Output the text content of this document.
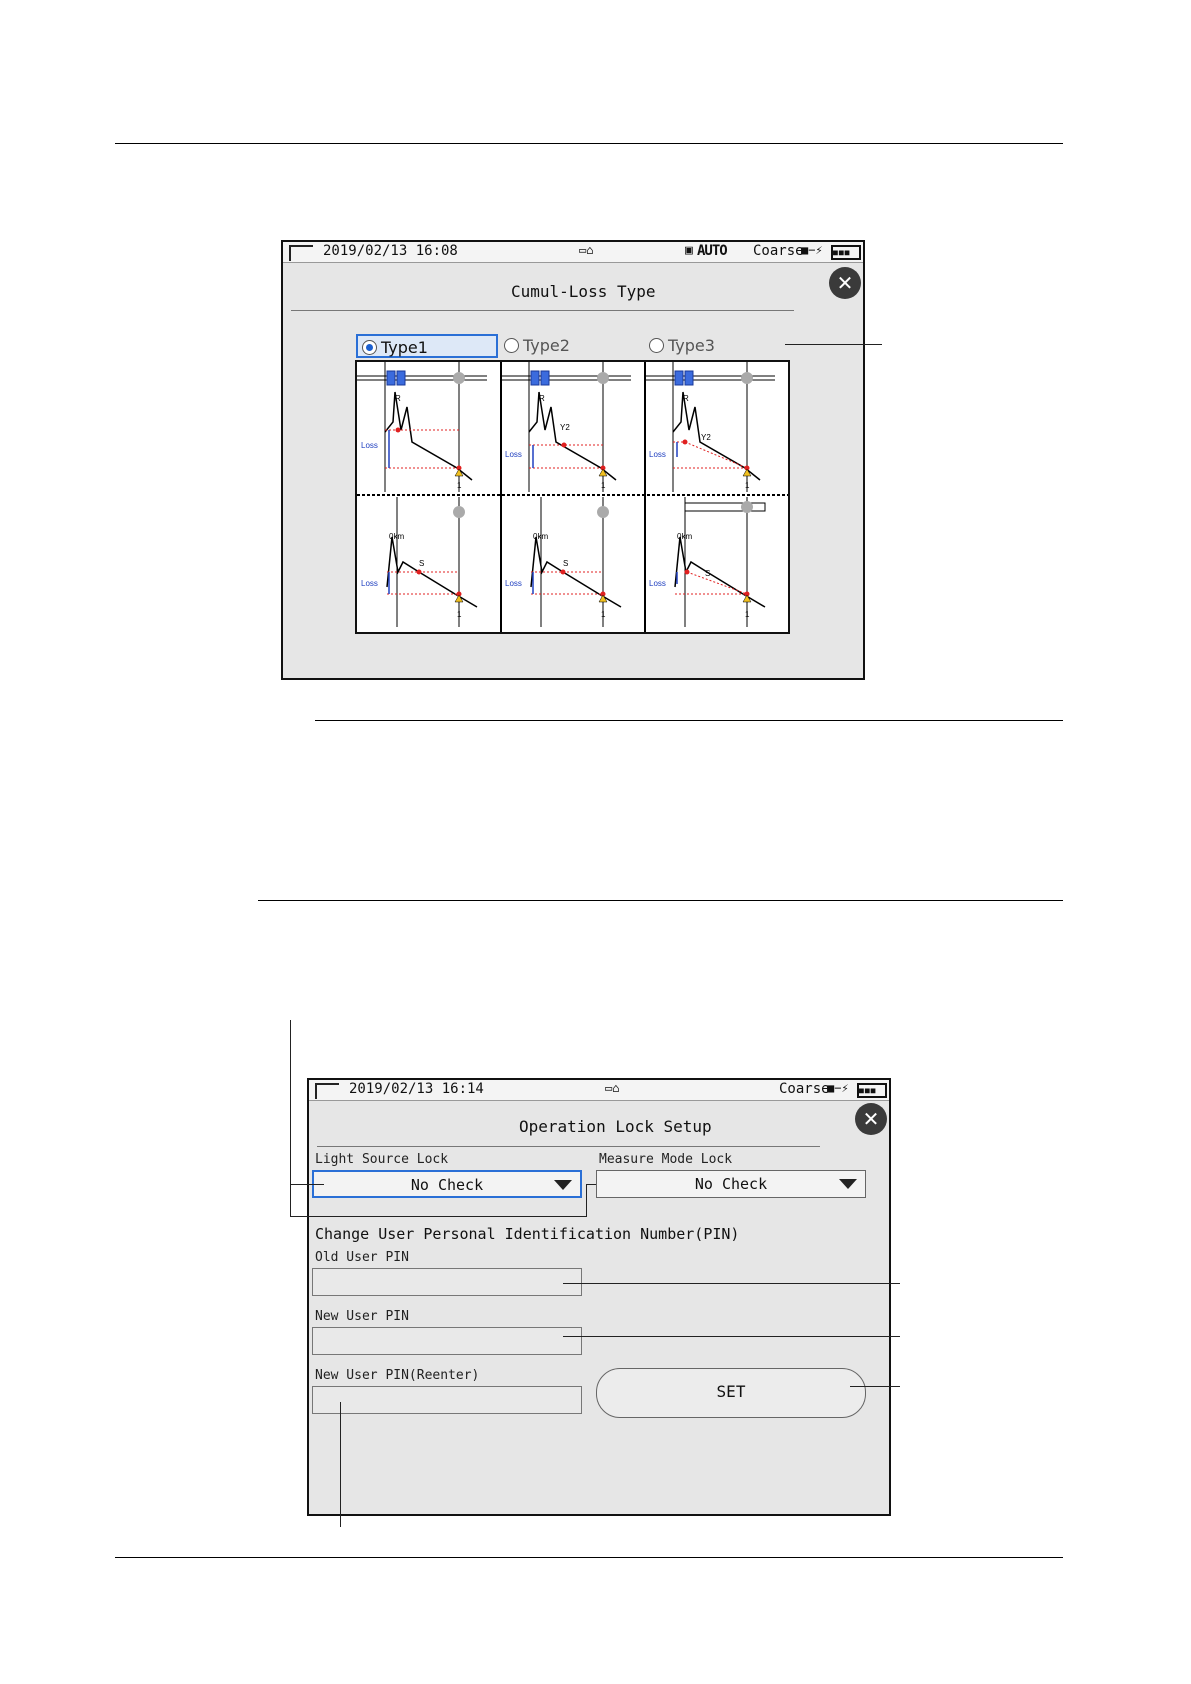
2019/02/13 16:08	▭⌂	▣ AUTO Coarse
■−⚡ ■■■
✕
Cumul-Loss Type
Type1	Type2	Type3
R	R	R
Y2
Y2
Loss
Loss	Loss
1	1	1
0km	0km	0km
S	S
S
Loss	Loss	Loss
1	1	1
2019/02/13 16:14	▭⌂	Coarse
■−⚡ ■■■
✕
Operation Lock Setup
Light Source Lock
No Check
Measure Mode Lock
No Check
Change User Personal Identification Number(PIN)
Old User PIN
New User PIN
New User PIN(Reenter)
SET
